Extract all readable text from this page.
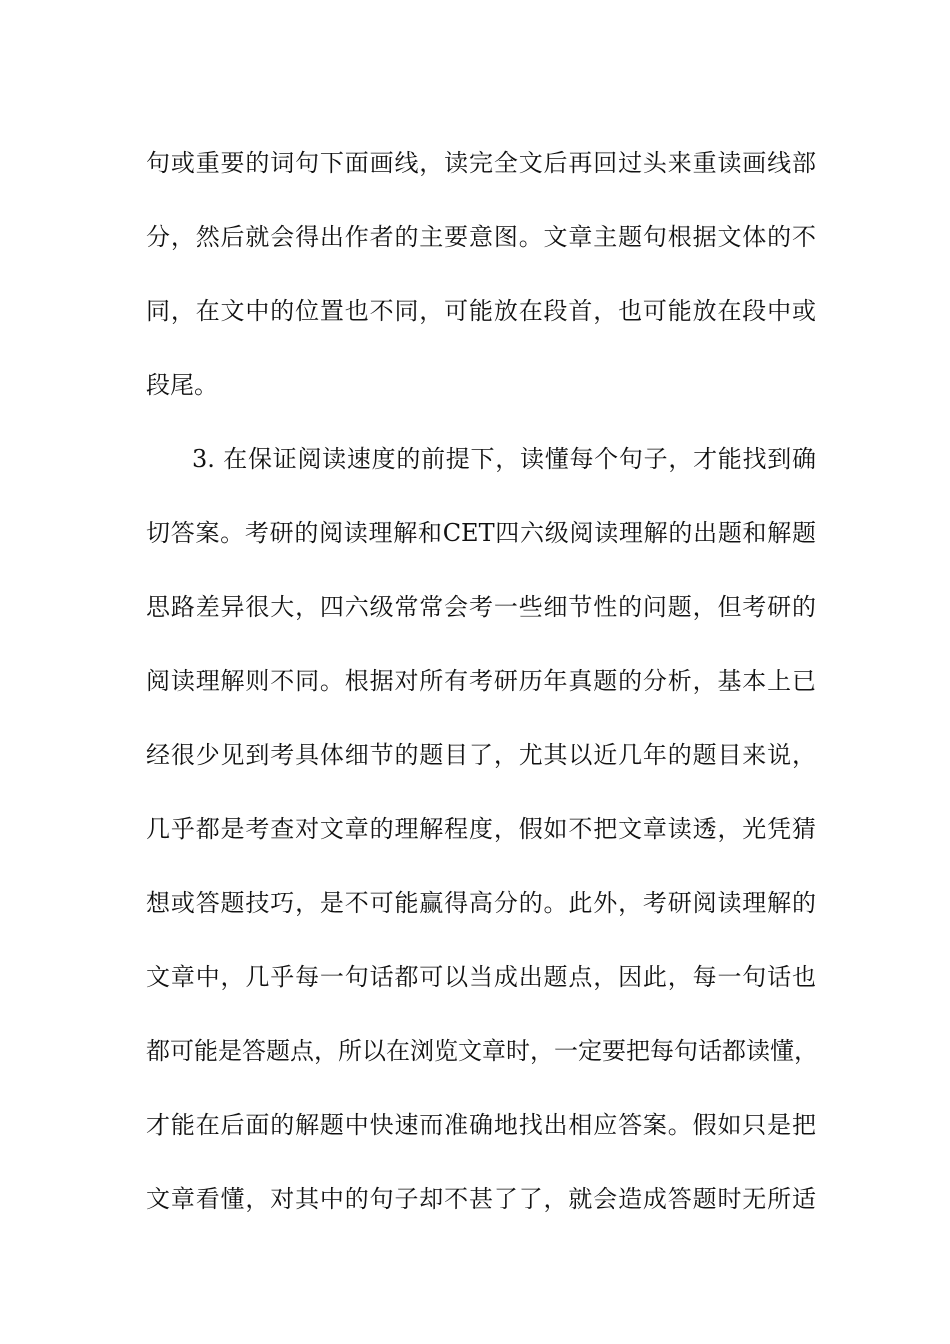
句或重要的词句下面画线，读完全文后再回过头来重读画线部
分，然后就会得出作者的主要意图。文章主题句根据文体的不
同，在文中的位置也不同，可能放在段首，也可能放在段中或
段尾。
3. 在保证阅读速度的前提下，读懂每个句子，才能找到确
切答案。考研的阅读理解和CET四六级阅读理解的出题和解题
思路差异很大，四六级常常会考一些细节性的问题，但考研的
阅读理解则不同。根据对所有考研历年真题的分析，基本上已
经很少见到考具体细节的题目了，尤其以近几年的题目来说，
几乎都是考查对文章的理解程度，假如不把文章读透，光凭猜
想或答题技巧，是不可能赢得高分的。此外，考研阅读理解的
文章中，几乎每一句话都可以当成出题点，因此，每一句话也
都可能是答题点，所以在浏览文章时，一定要把每句话都读懂，
才能在后面的解题中快速而准确地找出相应答案。假如只是把
文章看懂，对其中的句子却不甚了了，就会造成答题时无所适
